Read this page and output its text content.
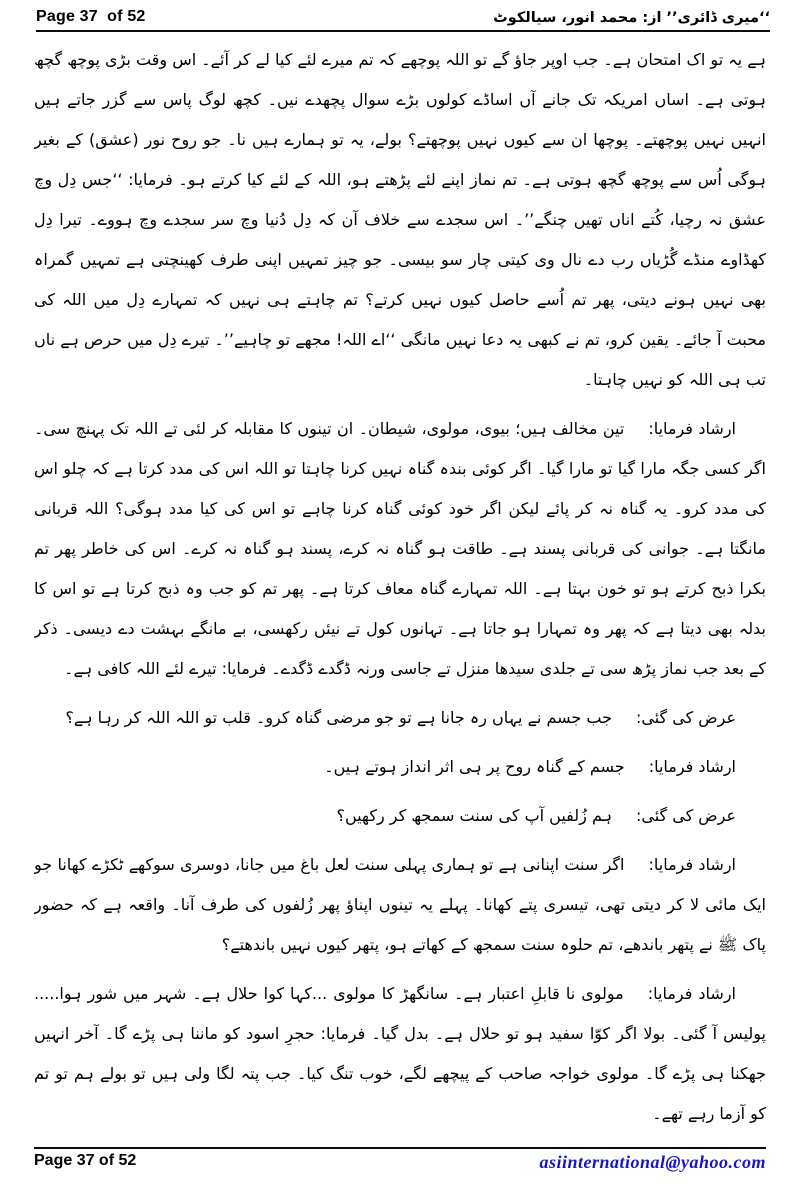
Page 37  of 52	‘‘میری ڈائری’’ از: محمد انور، سیالکوٹ

ہے یہ تو اک امتحان ہے۔ جب اوپر جاؤ گے تو اللہ پوچھے کہ تم میرے لئے کیا لے کر آئے۔ اس وقت بڑی پوچھ گچھ ہوتی ہے۔ اساں امریکہ تک جانے آں اساڈے کولوں بڑے سوال پچھدے نیں۔ کچھ لوگ پاس سے گزر جاتے ہیں انہیں نہیں پوچھتے۔ پوچھا ان سے کیوں نہیں پوچھتے؟ بولے، یہ تو ہمارے ہیں نا۔ جو روح نور (عشق) کے بغیر ہوگی اُس سے پوچھ گچھ ہوتی ہے۔ تم نماز اپنے لئے پڑھتے ہو، اللہ کے لئے کیا کرتے ہو۔ فرمایا: ‘‘جس دِل وچ عشق نہ رچیا، کُتے اناں تھیں چنگے’’۔ اس سجدے سے خلاف آن کہ دِل دُنیا وچ سر سجدے وچ ہووے۔ تیرا دِل کھڈاوے منڈے گُڑیاں رب دے نال وی کیتی چار سو بیسی۔ جو چیز تمہیں اپنی طرف کھینچتی ہے تمہیں گمراہ بھی نہیں ہونے دیتی، پھر تم اُسے حاصل کیوں نہیں کرتے؟ تم چاہتے ہی نہیں کہ تمہارے دِل میں اللہ کی محبت آ جائے۔ یقین کرو، تم نے کبھی یہ دعا نہیں مانگی ‘‘اے اللہ! مجھے تو چاہیے’’۔ تیرے دِل میں حرص ہے ناں تب ہی اللہ کو نہیں چاہتا۔

ارشاد فرمایا:تین مخالف ہیں؛ بیوی، مولوی، شیطان۔ ان تینوں کا مقابلہ کر لئی تے اللہ تک پہنچ سی۔ اگر کسی جگہ مارا گیا تو مارا گیا۔ اگر کوئی بندہ گناہ نہیں کرنا چاہتا تو اللہ اس کی مدد کرتا ہے کہ چلو اس کی مدد کرو۔ یہ گناہ نہ کر پائے لیکن اگر خود کوئی گناہ کرنا چاہے تو اس کی کیا مدد ہوگی؟ اللہ قربانی مانگتا ہے۔ جوانی کی قربانی پسند ہے۔ طاقت ہو گناہ نہ کرے، پسند ہو گناہ نہ کرے۔ اس کی خاطر پھر تم بکرا ذبح کرتے ہو تو خون بہتا ہے۔ اللہ تمہارے گناہ معاف کرتا ہے۔ پھر تم کو جب وہ ذبح کرتا ہے تو اس کا بدلہ بھی دیتا ہے کہ پھر وہ تمہارا ہو جاتا ہے۔ تہانوں کول تے نیئں رکھسی، بے مانگے بہشت دے دیسی۔ ذکر کے بعد جب نماز پڑھ سی تے جلدی سیدھا منزل تے جاسی ورنہ ڈگدے ڈگدے۔ فرمایا: تیرے لئے اللہ کافی ہے۔

عرض کی گئی:جب جسم نے یہاں رہ جانا ہے تو جو مرضی گناہ کرو۔ قلب تو اللہ اللہ کر رہا ہے؟

ارشاد فرمایا:جسم کے گناہ روح پر ہی اثر انداز ہوتے ہیں۔

عرض کی گئی:ہم زُلفیں آپ کی سنت سمجھ کر رکھیں؟

ارشاد فرمایا:اگر سنت اپنانی ہے تو ہماری پہلی سنت لعل باغ میں جانا، دوسری سوکھے ٹکڑے کھانا جو ایک مائی لا کر دیتی تھی، تیسری پتے کھانا۔ پہلے یہ تینوں اپناؤ پھر زُلفوں کی طرف آنا۔ واقعہ ہے کہ حضور پاک ﷺ نے پتھر باندھے، تم حلوہ سنت سمجھ کے کھاتے ہو، پتھر کیوں نہیں باندھتے؟

ارشاد فرمایا:مولوی نا قابلِ اعتبار ہے۔ سانگھڑ کا مولوی ...کہا کوا حلال ہے۔ شہر میں شور ہوا..... پولیس آ گئی۔ بولا اگر کوّا سفید ہو تو حلال ہے۔ بدل گیا۔ فرمایا: حجرِ اسود کو ماننا ہی پڑے گا۔ آخر انہیں جھکنا ہی پڑے گا۔ مولوی خواجہ صاحب کے پیچھے لگے، خوب تنگ کیا۔ جب پتہ لگا ولی ہیں تو بولے ہم تو تم کو آزما رہے تھے۔

Page 37 of 52	asiinternational@yahoo.com
